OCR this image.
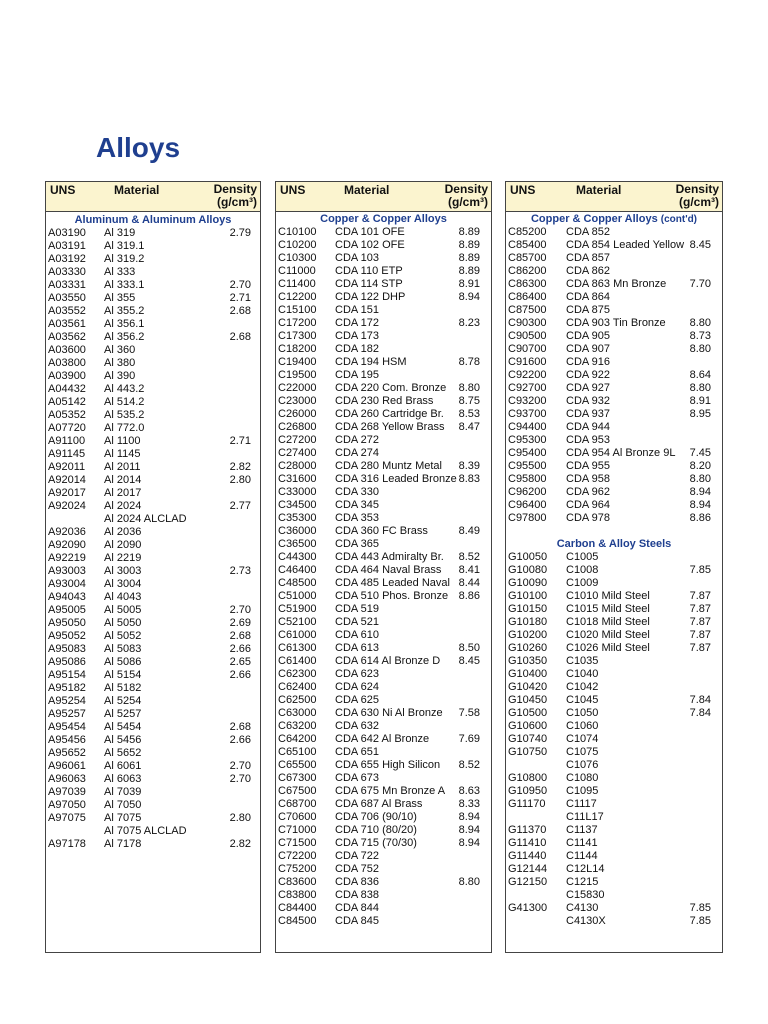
Alloys
UNS	Material	Density
(g/cm³)
Aluminum & Aluminum Alloys
A03190 Al 319	2.79
A03191 Al 319.1
A03192 Al 319.2
A03330 Al 333
A03331 Al 333.1	2.70
A03550 Al 355	2.71
A03552 Al 355.2	2.68
A03561 Al 356.1
A03562 Al 356.2	2.68
A03600 Al 360
A03800 Al 380
A03900 Al 390
A04432 Al 443.2
A05142 Al 514.2
A05352 Al 535.2
A07720 Al 772.0
A91100 Al 1100	2.71
A91145 Al 1145
A92011 Al 2011	2.82
A92014 Al 2014	2.80
A92017 Al 2017
A92024 Al 2024	2.77
Al 2024 ALCLAD
A92036 Al 2036
A92090 Al 2090
A92219 Al 2219
A93003 Al 3003	2.73
A93004 Al 3004
A94043 Al 4043
A95005 Al 5005	2.70
A95050 Al 5050	2.69
A95052 Al 5052	2.68
A95083 Al 5083	2.66
A95086 Al 5086	2.65
A95154 Al 5154	2.66
A95182 Al 5182
A95254 Al 5254
A95257 Al 5257
A95454 Al 5454	2.68
A95456 Al 5456	2.66
A95652 Al 5652
A96061 Al 6061	2.70
A96063 Al 6063	2.70
A97039 Al 7039
A97050 Al 7050
A97075 Al 7075	2.80
Al 7075 ALCLAD
A97178 Al 7178	2.82
UNS	Material	Density
(g/cm³)
Copper & Copper Alloys
C10100 CDA 101 OFE	8.89
C10200 CDA 102 OFE	8.89
C10300 CDA 103	8.89
C11000 CDA 110 ETP	8.89
C11400 CDA 114 STP	8.91
C12200 CDA 122 DHP	8.94
C15100 CDA 151
C17200 CDA 172	8.23
C17300 CDA 173
C18200 CDA 182
C19400 CDA 194 HSM	8.78
C19500 CDA 195
C22000 CDA 220 Com. Bronze 8.80
C23000 CDA 230 Red Brass 8.75
C26000 CDA 260 Cartridge Br. 8.53
C26800 CDA 268 Yellow Brass 8.47
C27200 CDA 272
C27400 CDA 274
C28000 CDA 280 Muntz Metal 8.39
C31600 CDA 316 Leaded Bronze 8.83
C33000 CDA 330
C34500 CDA 345
C35300 CDA 353
C36000 CDA 360 FC Brass	8.49
C36500 CDA 365
C44300 CDA 443 Admiralty Br. 8.52
C46400 CDA 464 Naval Brass 8.41
C48500 CDA 485 Leaded Naval 8.44
C51000 CDA 510 Phos. Bronze 8.86
C51900 CDA 519
C52100 CDA 521
C61000 CDA 610
C61300 CDA 613	8.50
C61400 CDA 614 Al Bronze D 8.45
C62300 CDA 623
C62400 CDA 624
C62500 CDA 625
C63000 CDA 630 Ni Al Bronze 7.58
C63200 CDA 632
C64200 CDA 642 Al Bronze	7.69
C65100 CDA 651
C65500 CDA 655 High Silicon 8.52
C67300 CDA 673
C67500 CDA 675 Mn Bronze A 8.63
C68700 CDA 687 Al Brass	8.33
C70600 CDA 706 (90/10)	8.94
C71000 CDA 710 (80/20)	8.94
C71500 CDA 715 (70/30)	8.94
C72200 CDA 722
C75200 CDA 752
C83600 CDA 836	8.80
C83800 CDA 838
C84400 CDA 844
C84500 CDA 845
UNS	Material	Density
(g/cm³)
Copper & Copper Alloys (cont'd)
C85200 CDA 852
C85400 CDA 854 Leaded Yellow 8.45
C85700 CDA 857
C86200 CDA 862
C86300 CDA 863 Mn Bronze 7.70
C86400 CDA 864
C87500 CDA 875
C90300 CDA 903 Tin Bronze 8.80
C90500 CDA 905	8.73
C90700 CDA 907	8.80
C91600 CDA 916
C92200 CDA 922	8.64
C92700 CDA 927	8.80
C93200 CDA 932	8.91
C93700 CDA 937	8.95
C94400 CDA 944
C95300 CDA 953
C95400 CDA 954 Al Bronze 9L 7.45
C95500 CDA 955	8.20
C95800 CDA 958	8.80
C96200 CDA 962	8.94
C96400 CDA 964	8.94
C97800 CDA 978	8.86
Carbon & Alloy Steels
G10050 C1005
G10080 C1008	7.85
G10090 C1009
G10100 C1010 Mild Steel	7.87
G10150 C1015 Mild Steel	7.87
G10180 C1018 Mild Steel	7.87
G10200 C1020 Mild Steel	7.87
G10260 C1026 Mild Steel	7.87
G10350 C1035
G10400 C1040
G10420 C1042
G10450 C1045	7.84
G10500 C1050	7.84
G10600 C1060
G10740 C1074
G10750 C1075
C1076
G10800 C1080
G10950 C1095
G11170 C1117
C11L17
G11370 C1137
G11410 C1141
G11440 C1144
G12144 C12L14
G12150 C1215
C15830
G41300 C4130	7.85
C4130X	7.85
